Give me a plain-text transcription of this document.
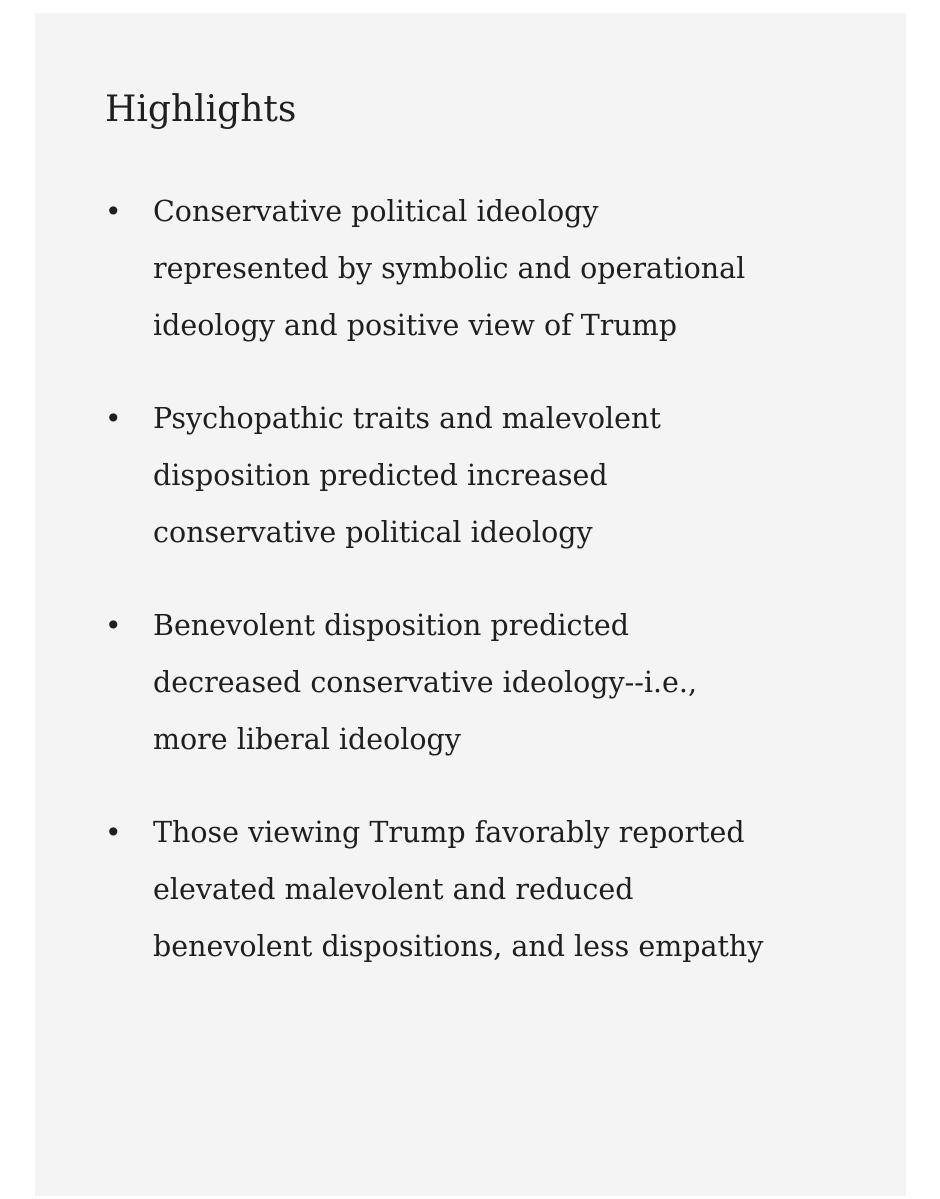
Highlights
• Conservative political ideology represented by symbolic and operational ideology and positive view of Trump
• Psychopathic traits and malevolent disposition predicted increased conservative political ideology
• Benevolent disposition predicted decreased conservative ideology--i.e., more liberal ideology
• Those viewing Trump favorably reported elevated malevolent and reduced benevolent dispositions, and less empathy
